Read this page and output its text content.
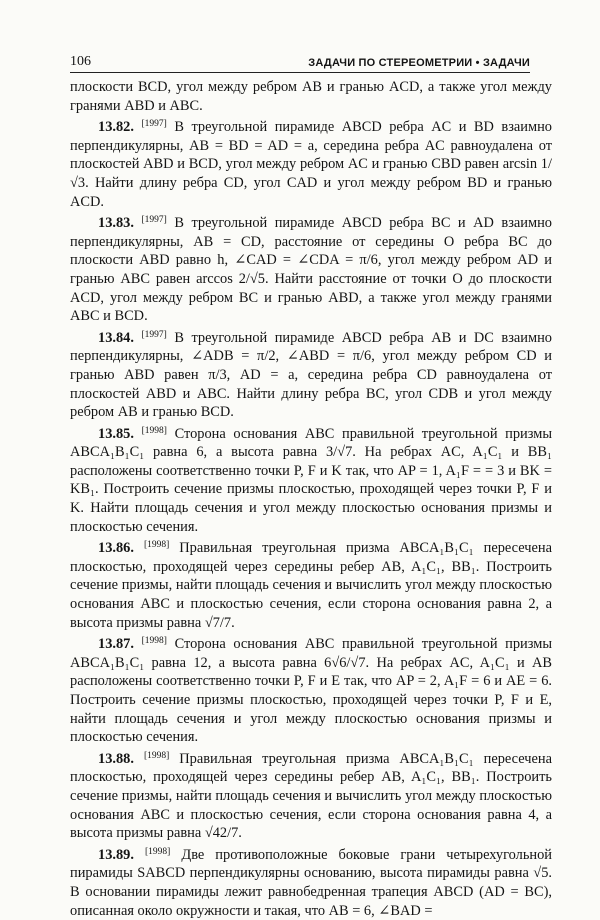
106	ЗАДАЧИ ПО СТЕРЕОМЕТРИИ • ЗАДАЧИ

плоскости BCD, угол между ребром AB и гранью ACD, а также угол между гранями ABD и ABC.

13.82. [1997] В треугольной пирамиде ABCD ребра AC и BD взаимно перпендикулярны, AB = BD = AD = a, середина ребра AC равноудалена от плоскостей ABD и BCD, угол между ребром AC и гранью CBD равен arcsin 1/√3. Найти длину ребра CD, угол CAD и угол между ребром BD и гранью ACD.

13.83. [1997] В треугольной пирамиде ABCD ребра BC и AD взаимно перпендикулярны, AB = CD, расстояние от середины O ребра BC до плоскости ABD равно h, ∠CAD = ∠CDA = π/6, угол между ребром AD и гранью ABC равен arccos 2/√5. Найти расстояние от точки O до плоскости ACD, угол между ребром BC и гранью ABD, а также угол между гранями ABC и BCD.

13.84. [1997] В треугольной пирамиде ABCD ребра AB и DC взаимно перпендикулярны, ∠ADB = π/2, ∠ABD = π/6, угол между ребром CD и гранью ABD равен π/3, AD = a, середина ребра CD равноудалена от плоскостей ABD и ABC. Найти длину ребра BC, угол CDB и угол между ребром AB и гранью BCD.

13.85. [1998] Сторона основания ABC правильной треугольной призмы ABCA₁B₁C₁ равна 6, а высота равна 3/√7. На ребрах AC, A₁C₁ и BB₁ расположены соответственно точки P, F и K так, что AP = 1, A₁F = = 3 и BK = KB₁. Построить сечение призмы плоскостью, проходящей через точки P, F и K. Найти площадь сечения и угол между плоскостью основания призмы и плоскостью сечения.

13.86. [1998] Правильная треугольная призма ABCA₁B₁C₁ пересечена плоскостью, проходящей через середины ребер AB, A₁C₁, BB₁. Построить сечение призмы, найти площадь сечения и вычислить угол между плоскостью основания ABC и плоскостью сечения, если сторона основания равна 2, а высота призмы равна √7/7.

13.87. [1998] Сторона основания ABC правильной треугольной призмы ABCA₁B₁C₁ равна 12, а высота равна 6√6/√7. На ребрах AC, A₁C₁ и AB расположены соответственно точки P, F и E так, что AP = 2, A₁F = 6 и AE = 6. Построить сечение призмы плоскостью, проходящей через точки P, F и E, найти площадь сечения и угол между плоскостью основания призмы и плоскостью сечения.

13.88. [1998] Правильная треугольная призма ABCA₁B₁C₁ пересечена плоскостью, проходящей через середины ребер AB, A₁C₁, BB₁. Построить сечение призмы, найти площадь сечения и вычислить угол между плоскостью основания ABC и плоскостью сечения, если сторона основания равна 4, а высота призмы равна √42/7.

13.89. [1998] Две противоположные боковые грани четырехугольной пирамиды SABCD перпендикулярны основанию, высота пирамиды равна √5. В основании пирамиды лежит равнобедренная трапеция ABCD (AD = BC), описанная около окружности и такая, что AB = 6, ∠BAD =
